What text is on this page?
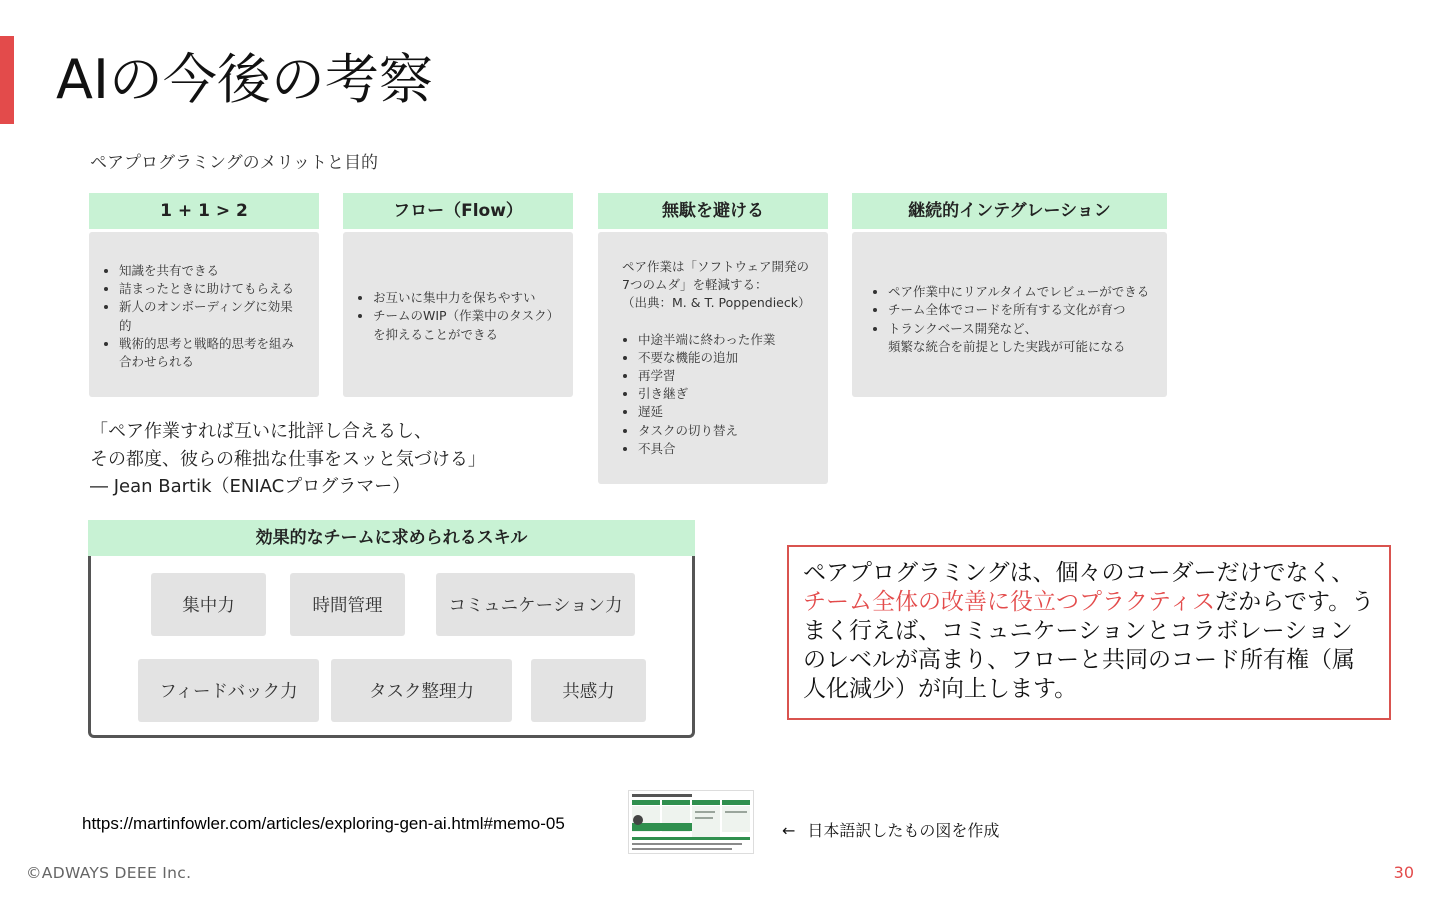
AIの今後の考察
ペアプログラミングのメリットと目的
1 + 1 > 2
• 知識を共有できる
• 詰まったときに助けてもらえる
• 新人のオンボーディングに効果的
• 戦術的思考と戦略的思考を組み合わせられる
フロー（Flow）
• お互いに集中力を保ちやすい
• チームのWIP（作業中のタスク）を抑えることができる
無駄を避ける
ペア作業は「ソフトウェア開発の
7つのムダ」を軽減する：
（出典：M. & T. Poppendieck）
• 中途半端に終わった作業
• 不要な機能の追加
• 再学習
• 引き継ぎ
• 遅延
• タスクの切り替え
• 不具合
継続的インテグレーション
• ペア作業中にリアルタイムでレビューができる
• チーム全体でコードを所有する文化が育つ
• トランクベース開発など、
頻繁な統合を前提とした実践が可能になる
「ペア作業すれば互いに批評し合えるし、
その都度、彼らの稚拙な仕事をスッと気づける」
― Jean Bartik（ENIACプログラマー）
効果的なチームに求められるスキル
集中力	時間管理	コミュニケーション力
フィードバック力	タスク整理力	共感力
ペアプログラミングは、個々のコーダーだけでなく、チーム全体の改善に役立つプラクティスだからです。うまく行えば、コミュニケーションとコラボレーションのレベルが高まり、フローと共同のコード所有権（属人化減少）が向上します。
https://martinfowler.com/articles/exploring-gen-ai.html#memo-05	← 日本語訳したもの図を作成
©ADWAYS DEEE Inc.	30
